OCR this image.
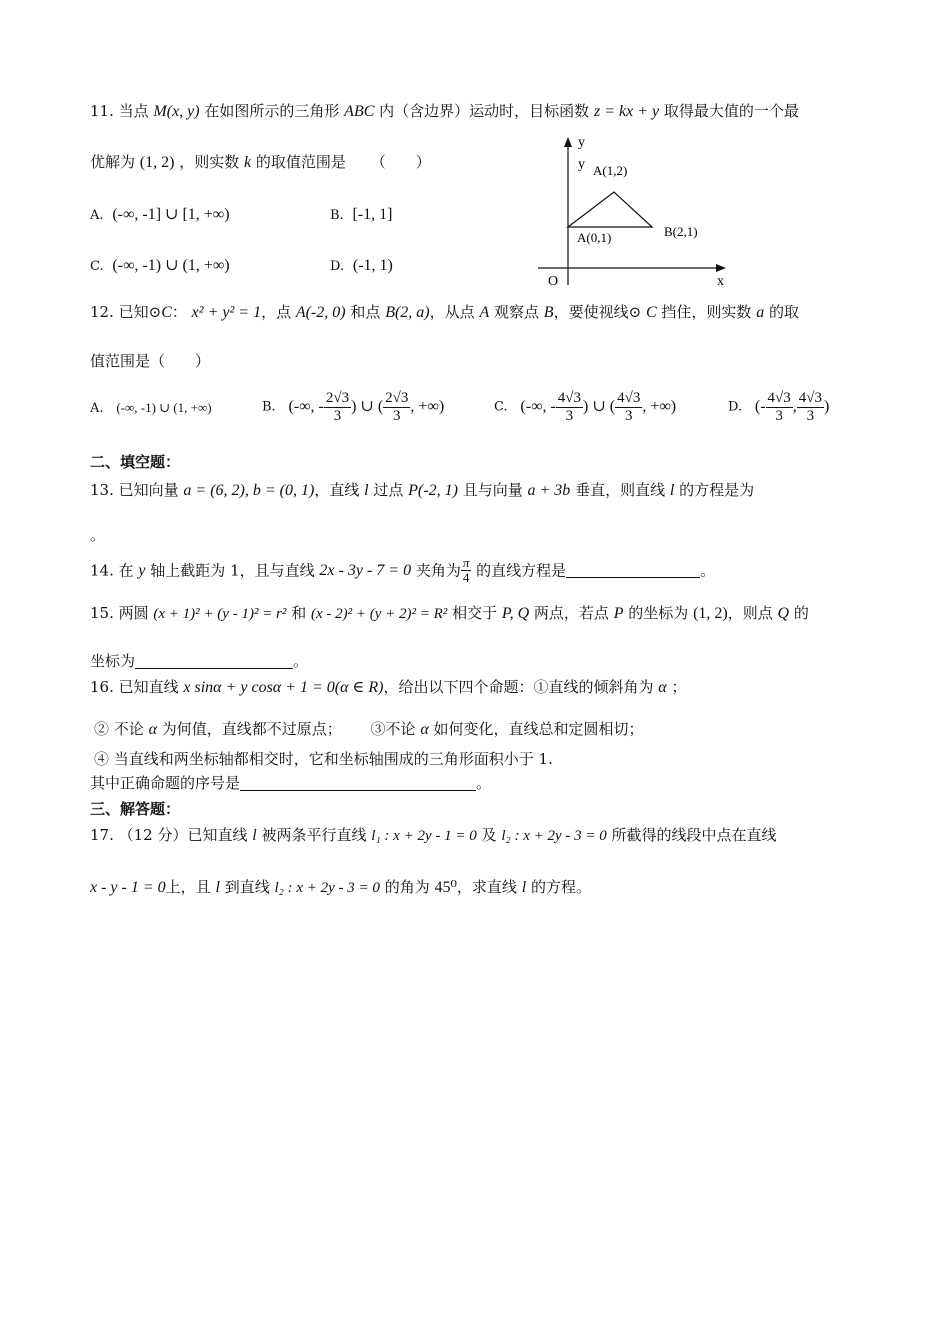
11. 当点 M(x, y) 在如图所示的三角形 ABC 内（含边界）运动时，目标函数 z = kx + y 取得最大值的一个最
优解为 (1, 2) ，则实数 k 的取值范围是 （　　）
A. (-∞, -1] ∪ [1, +∞)	B. [-1, 1]
C. (-∞, -1) ∪ (1, +∞)	D. (-1, 1)
y
y A(1,2)
A(0,1)	B(2,1)
O	x
12. 已知⊙C： x² + y² = 1，点 A(-2, 0) 和点 B(2, a)，从点 A 观察点 B，要使视线⊙ C 挡住，则实数 a 的取
值范围是（　　）
A. (-∞, -1) ∪ (1, +∞)	B. (-∞, - $\frac{2√3}{3}$ ) ∪ ( $\frac{2√3}{3}$ , +∞)	C. (-∞, - $\frac{4√3}{3}$ ) ∪ ( $\frac{4√3}{3}$ , +∞)	D. (- $\frac{4√3}{3}$ , $\frac{4√3}{3}$ )
二、填空题：
13. 已知向量 a = (6, 2), b = (0, 1)，直线 l 过点 P(-2, 1) 且与向量 a + 3b 垂直，则直线 l 的方程是为
。
14. 在 y 轴上截距为 1，且与直线 2x - 3y - 7 = 0 夹角为 $\frac{\pi}{4}$ 的直线方程是	。
15. 两圆 (x + 1)² + (y - 1)² = r² 和 (x - 2)² + (y + 2)² = R² 相交于 P, Q 两点，若点 P 的坐标为 (1, 2)，则点 Q 的
坐标为	。
16. 已知直线 x sinα + y cosα + 1 = 0(α ∈ R)，给出以下四个命题：①直线的倾斜角为 α ；
② 不论 α 为何值，直线都不过原点； ③不论 α 如何变化，直线总和定圆相切；
④ 当直线和两坐标轴都相交时，它和坐标轴围成的三角形面积小于 1.
其中正确命题的序号是	。
三、解答题：
17. （12 分）已知直线 l 被两条平行直线 l₁ : x + 2y - 1 = 0 及 l₂ : x + 2y - 3 = 0 所截得的线段中点在直线
x - y - 1 = 0上，且 l 到直线 l₂ : x + 2y - 3 = 0 的角为 45⁰，求直线 l 的方程。
